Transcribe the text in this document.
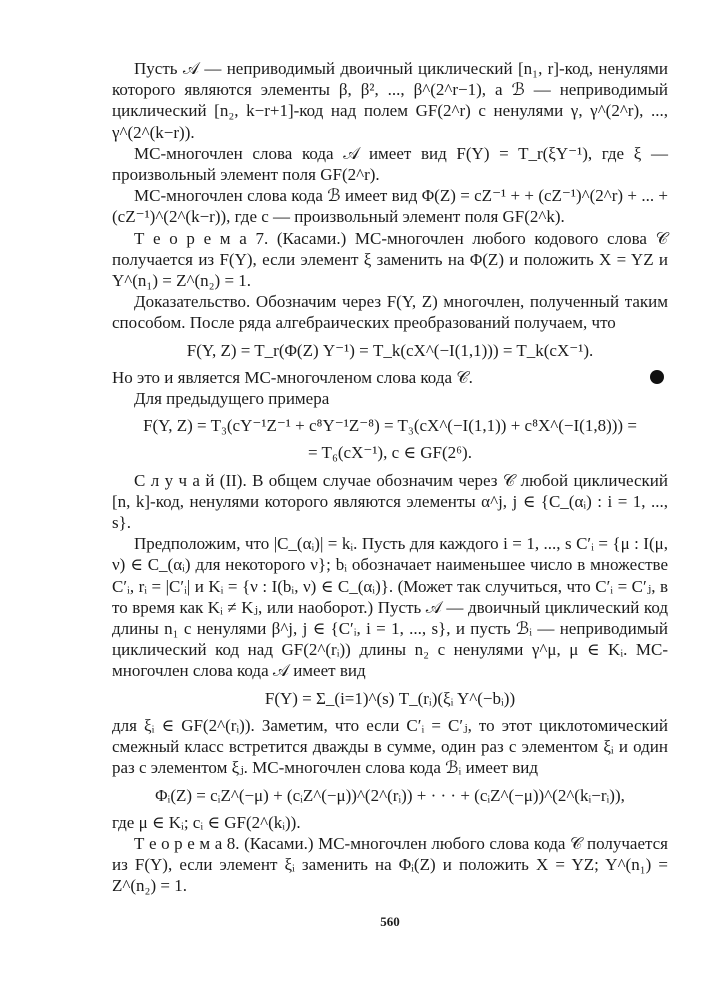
Пусть 𝒜 — неприводимый двоичный циклический [n₁, r]-код, ненулями которого являются элементы β, β², ..., β^(2^r−1), а ℬ — неприводимый циклический [n₂, k−r+1]-код над полем GF(2^r) с ненулями γ, γ^(2^r), ..., γ^(2^(k−r)).

МС-многочлен слова кода 𝒜 имеет вид F(Y) = T_r(ξY⁻¹), где ξ — произвольный элемент поля GF(2^r).

МС-многочлен слова кода ℬ имеет вид Φ(Z) = cZ⁻¹ + + (cZ⁻¹)^(2^r) + ... + (cZ⁻¹)^(2^(k−r)), где c — произвольный элемент поля GF(2^k).

Т е о р е м а 7. (Касами.) МС-многочлен любого кодового слова 𝒞 получается из F(Y), если элемент ξ заменить на Φ(Z) и положить X = YZ и Y^(n₁) = Z^(n₂) = 1.

Доказательство. Обозначим через F(Y, Z) многочлен, полученный таким способом. После ряда алгебраических преобразований получаем, что

F(Y, Z) = T_r(Φ(Z) Y⁻¹) = T_k(cX^(−I(1,1))) = T_k(cX⁻¹).
Но это и является МС-многочленом слова кода 𝒞.

Для предыдущего примера

F(Y, Z) = T₃(cY⁻¹Z⁻¹ + c⁸Y⁻¹Z⁻⁸) = T₃(cX^(−I(1,1)) + c⁸X^(−I(1,8))) =
= T₆(cX⁻¹), c ∈ GF(2⁶).

С л у ч а й (II). В общем случае обозначим через 𝒞 любой циклический [n, k]-код, ненулями которого являются элементы α^j, j ∈ {C_(αᵢ) : i = 1, ..., s}.

Предположим, что |C_(αᵢ)| = kᵢ. Пусть для каждого i = 1, ..., s C′ᵢ = {μ : I(μ, ν) ∈ C_(αᵢ) для некоторого ν}; bᵢ обозначает наименьшее число в множестве C′ᵢ, rᵢ = |C′ᵢ| и Kᵢ = {ν : I(bᵢ, ν) ∈ C_(αᵢ)}. (Может так случиться, что C′ᵢ = C′ⱼ, в то время как Kᵢ ≠ Kⱼ, или наоборот.) Пусть 𝒜 — двоичный циклический код длины n₁ с ненулями β^j, j ∈ {C′ᵢ, i = 1, ..., s}, и пусть ℬᵢ — неприводимый циклический код над GF(2^(rᵢ)) длины n₂ с ненулями γ^μ, μ ∈ Kᵢ. МС-многочлен слова кода 𝒜 имеет вид

F(Y) = Σ_(i=1)^(s) T_(rᵢ)(ξᵢ Y^(−bᵢ))

для ξᵢ ∈ GF(2^(rᵢ)). Заметим, что если C′ᵢ = C′ⱼ, то этот циклотомический смежный класс встретится дважды в сумме, один раз с элементом ξᵢ и один раз с элементом ξⱼ. МС-многочлен слова кода ℬᵢ имеет вид

Φᵢ(Z) = cᵢZ^(−μ) + (cᵢZ^(−μ))^(2^(rᵢ)) + · · · + (cᵢZ^(−μ))^(2^(kᵢ−rᵢ)),

где μ ∈ Kᵢ; cᵢ ∈ GF(2^(kᵢ)).

Т е о р е м а 8. (Касами.) МС-многочлен любого слова кода 𝒞 получается из F(Y), если элемент ξᵢ заменить на Φᵢ(Z) и положить X = YZ; Y^(n₁) = Z^(n₂) = 1.

560
